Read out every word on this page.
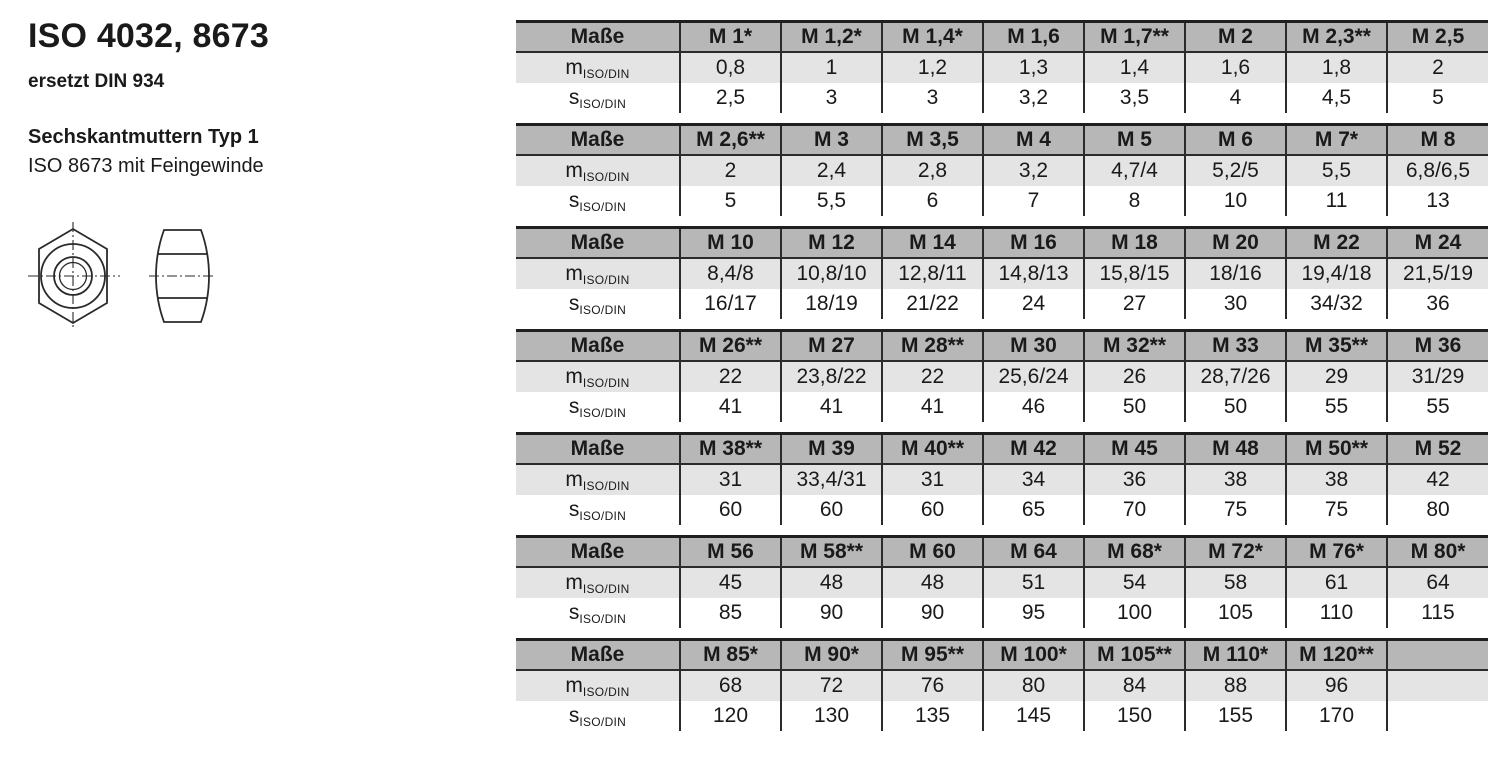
ISO 4032, 8673
ersetzt DIN 934
Sechskantmuttern Typ 1
ISO 8673 mit Feingewinde
Maße	M 1*	M 1,2*	M 1,4*	M 1,6	M 1,7**	M 2	M 2,3**	M 2,5
$m_{ISO/DIN}$	0,8	1	1,2	1,3	1,4	1,6	1,8	2
$s_{ISO/DIN}$	2,5	3	3	3,2	3,5	4	4,5	5
Maße	M 2,6**	M 3	M 3,5	M 4	M 5	M 6	M 7*	M 8
$m_{ISO/DIN}$	2	2,4	2,8	3,2	4,7/4	5,2/5	5,5	6,8/6,5
$s_{ISO/DIN}$	5	5,5	6	7	8	10	11	13
Maße	M 10	M 12	M 14	M 16	M 18	M 20	M 22	M 24
$m_{ISO/DIN}$	8,4/8	10,8/10	12,8/11	14,8/13	15,8/15	18/16	19,4/18	21,5/19
$s_{ISO/DIN}$	16/17	18/19	21/22	24	27	30	34/32	36
Maße	M 26**	M 27	M 28**	M 30	M 32**	M 33	M 35**	M 36
$m_{ISO/DIN}$	22	23,8/22	22	25,6/24	26	28,7/26	29	31/29
$s_{ISO/DIN}$	41	41	41	46	50	50	55	55
Maße	M 38**	M 39	M 40**	M 42	M 45	M 48	M 50**	M 52
$m_{ISO/DIN}$	31	33,4/31	31	34	36	38	38	42
$s_{ISO/DIN}$	60	60	60	65	70	75	75	80
Maße	M 56	M 58**	M 60	M 64	M 68*	M 72*	M 76*	M 80*
$m_{ISO/DIN}$	45	48	48	51	54	58	61	64
$s_{ISO/DIN}$	85	90	90	95	100	105	110	115
Maße	M 85*	M 90*	M 95**	M 100*	M 105**	M 110*	M 120**	
$m_{ISO/DIN}$	68	72	76	80	84	88	96	
$s_{ISO/DIN}$	120	130	135	145	150	155	170	
